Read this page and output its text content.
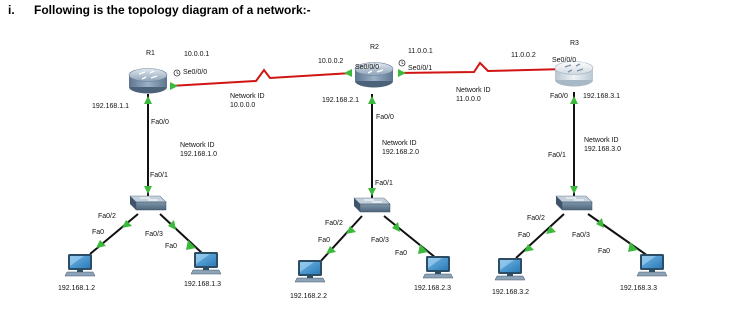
i. Following is the topology diagram of a network:-
R1	10.0.0.1
Se0/0/0
192.168.1.1
Fa0/0
R2
10.0.0.2
Se0/0/0
11.0.0.1
Se0/0/1
192.168.2.1
Fa0/0
R3
11.0.0.2
Se0/0/0
Fa0/0 192.168.3.1
Network ID
10.0.0.0
Network ID
11.0.0.0
Network ID
192.168.1.0
Network ID
192.168.2.0
Network ID
192.168.3.0
Fa0/1
Fa0/2
Fa0/3
Fa0/1
Fa0/2
Fa0/3
Fa0/1
Fa0/2
Fa0/3
Fa0
Fa0
Fa0
Fa0
Fa0
Fa0
192.168.1.2
192.168.1.3
192.168.2.2
192.168.2.3
192.168.3.2
192.168.3.3
